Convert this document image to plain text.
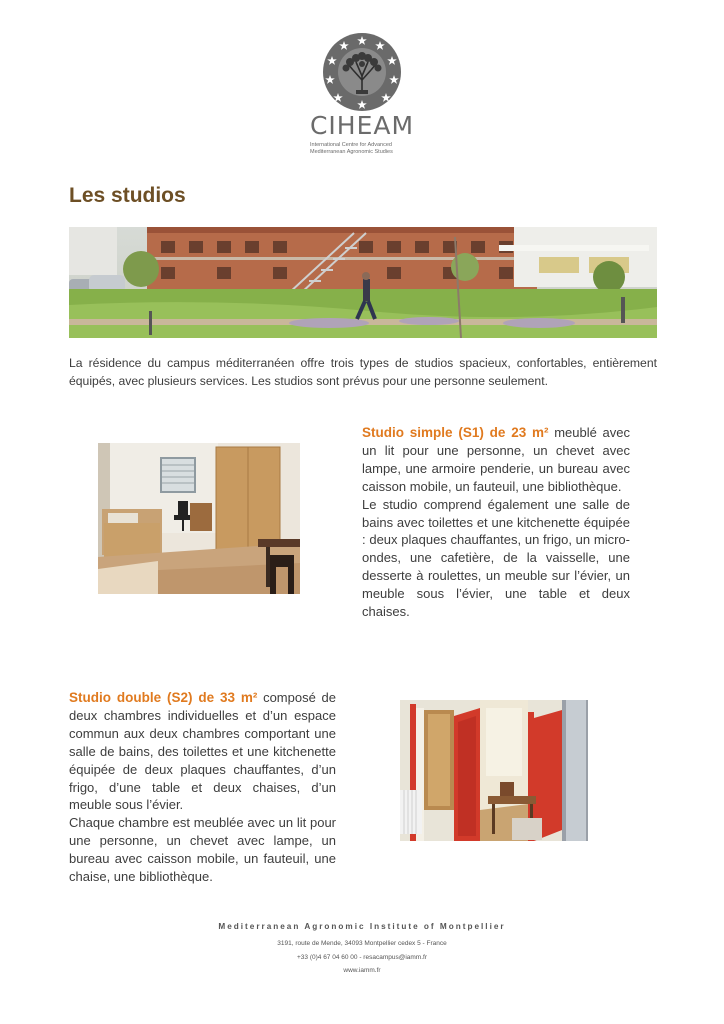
CIHEAM
International Centre for Advanced
Mediterranean Agronomic Studies
Les studios

La résidence du campus méditerranéen offre trois types de studios spacieux, confortables, entièrement équipés, avec plusieurs services. Les studios sont prévus pour une personne seulement.

Studio simple (S1) de 23 m² meublé avec un lit pour une personne, un chevet avec lampe, une armoire penderie, un bureau avec caisson mobile, un fauteuil, une bibliothèque.

Le studio comprend également une salle de bains avec toilettes et une kitchenette équipée : deux plaques chauffantes, un frigo, un micro-ondes, une cafetière, de la vaisselle, une desserte à roulettes, un meuble sur l’évier, un meuble sous l’évier, une table et deux chaises.

Studio double (S2) de 33 m² composé de deux chambres individuelles et d’un espace commun aux deux chambres comportant une salle de bains, des toilettes et une kitchenette équipée de deux plaques chauffantes, d’un frigo, d’une table et deux chaises, d’un meuble sous l’évier.

Chaque chambre est meublée avec un lit pour une personne, un chevet avec lampe, un bureau avec caisson mobile, un fauteuil, une chaise, une bibliothèque.

Mediterranean Agronomic Institute of Montpellier
3191, route de Mende, 34093 Montpellier cedex 5 - France
+33 (0)4 67 04 60 00 - resacampus@iamm.fr
www.iamm.fr
